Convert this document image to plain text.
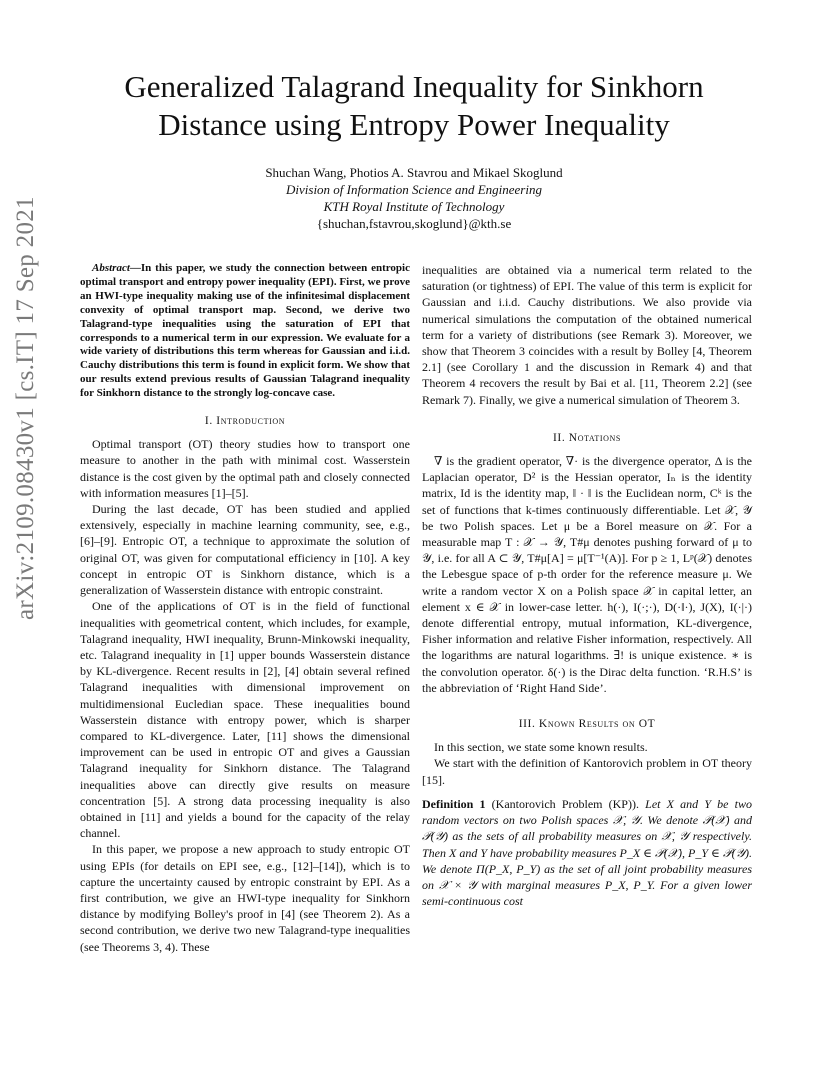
arXiv:2109.08430v1 [cs.IT] 17 Sep 2021
Generalized Talagrand Inequality for Sinkhorn
Distance using Entropy Power Inequality
Shuchan Wang, Photios A. Stavrou and Mikael Skoglund
Division of Information Science and Engineering
KTH Royal Institute of Technology
{shuchan,fstavrou,skoglund}@kth.se

Abstract—In this paper, we study the connection between entropic optimal transport and entropy power inequality (EPI). First, we prove an HWI-type inequality making use of the infinitesimal displacement convexity of optimal transport map. Second, we derive two Talagrand-type inequalities using the saturation of EPI that corresponds to a numerical term in our expression. We evaluate for a wide variety of distributions this term whereas for Gaussian and i.i.d. Cauchy distributions this term is found in explicit form. We show that our results extend previous results of Gaussian Talagrand inequality for Sinkhorn distance to the strongly log-concave case.

I. Introduction

Optimal transport (OT) theory studies how to transport one measure to another in the path with minimal cost. Wasserstein distance is the cost given by the optimal path and closely connected with information measures [1]–[5].

During the last decade, OT has been studied and applied extensively, especially in machine learning community, see, e.g., [6]–[9]. Entropic OT, a technique to approximate the solution of original OT, was given for computational efficiency in [10]. A key concept in entropic OT is Sinkhorn distance, which is a generalization of Wasserstein distance with entropic constraint.

One of the applications of OT is in the field of functional inequalities with geometrical content, which includes, for example, Talagrand inequality, HWI inequality, Brunn-Minkowski inequality, etc. Talagrand inequality in [1] upper bounds Wasserstein distance by KL-divergence. Recent results in [2], [4] obtain several refined Talagrand inequalities with dimensional improvement on multidimensional Eucledian space. These inequalities bound Wasserstein distance with entropy power, which is sharper compared to KL-divergence. Later, [11] shows the dimensional improvement can be used in entropic OT and gives a Gaussian Talagrand inequality for Sinkhorn distance. The Talagrand inequalities above can directly give results on measure concentration [5]. A strong data processing inequality is also obtained in [11] and yields a bound for the capacity of the relay channel.

In this paper, we propose a new approach to study entropic OT using EPIs (for details on EPI see, e.g., [12]–[14]), which is to capture the uncertainty caused by entropic constraint by EPI. As a first contribution, we give an HWI-type inequality for Sinkhorn distance by modifying Bolley's proof in [4] (see Theorem 2). As a second contribution, we derive two new Talagrand-type inequalities (see Theorems 3, 4). These

inequalities are obtained via a numerical term related to the saturation (or tightness) of EPI. The value of this term is explicit for Gaussian and i.i.d. Cauchy distributions. We also provide via numerical simulations the computation of the obtained numerical term for a variety of distributions (see Remark 3). Moreover, we show that Theorem 3 coincides with a result by Bolley [4, Theorem 2.1] (see Corollary 1 and the discussion in Remark 4) and that Theorem 4 recovers the result by Bai et al. [11, Theorem 2.2] (see Remark 7). Finally, we give a numerical simulation of Theorem 3.

II. Notations

∇ is the gradient operator, ∇· is the divergence operator, Δ is the Laplacian operator, D² is the Hessian operator, Iₙ is the identity matrix, Id is the identity map, ‖ · ‖ is the Euclidean norm, Cᵏ is the set of functions that k-times continuously differentiable. Let 𝒳, 𝒴 be two Polish spaces. Let μ be a Borel measure on 𝒳. For a measurable map T : 𝒳 → 𝒴, T#μ denotes pushing forward of μ to 𝒴, i.e. for all A ⊂ 𝒴, T#μ[A] = μ[T⁻¹(A)]. For p ≥ 1, Lᵖ(𝒳) denotes the Lebesgue space of p-th order for the reference measure μ. We write a random vector X on a Polish space 𝒳 in capital letter, an element x ∈ 𝒳 in lower-case letter. h(·), I(·;·), D(·‖·), J(X), I(·|·) denote differential entropy, mutual information, KL-divergence, Fisher information and relative Fisher information, respectively. All the logarithms are natural logarithms. ∃! is unique existence. ∗ is the convolution operator. δ(·) is the Dirac delta function. ‘R.H.S’ is the abbreviation of ‘Right Hand Side’.

III. Known Results on OT

In this section, we state some known results.

We start with the definition of Kantorovich problem in OT theory [15].

Definition 1 (Kantorovich Problem (KP)). Let X and Y be two random vectors on two Polish spaces 𝒳, 𝒴. We denote 𝒫(𝒳) and 𝒫(𝒴) as the sets of all probability measures on 𝒳, 𝒴 respectively. Then X and Y have probability measures P_X ∈ 𝒫(𝒳), P_Y ∈ 𝒫(𝒴). We denote Π(P_X, P_Y) as the set of all joint probability measures on 𝒳 × 𝒴 with marginal measures P_X, P_Y. For a given lower semi-continuous cost
